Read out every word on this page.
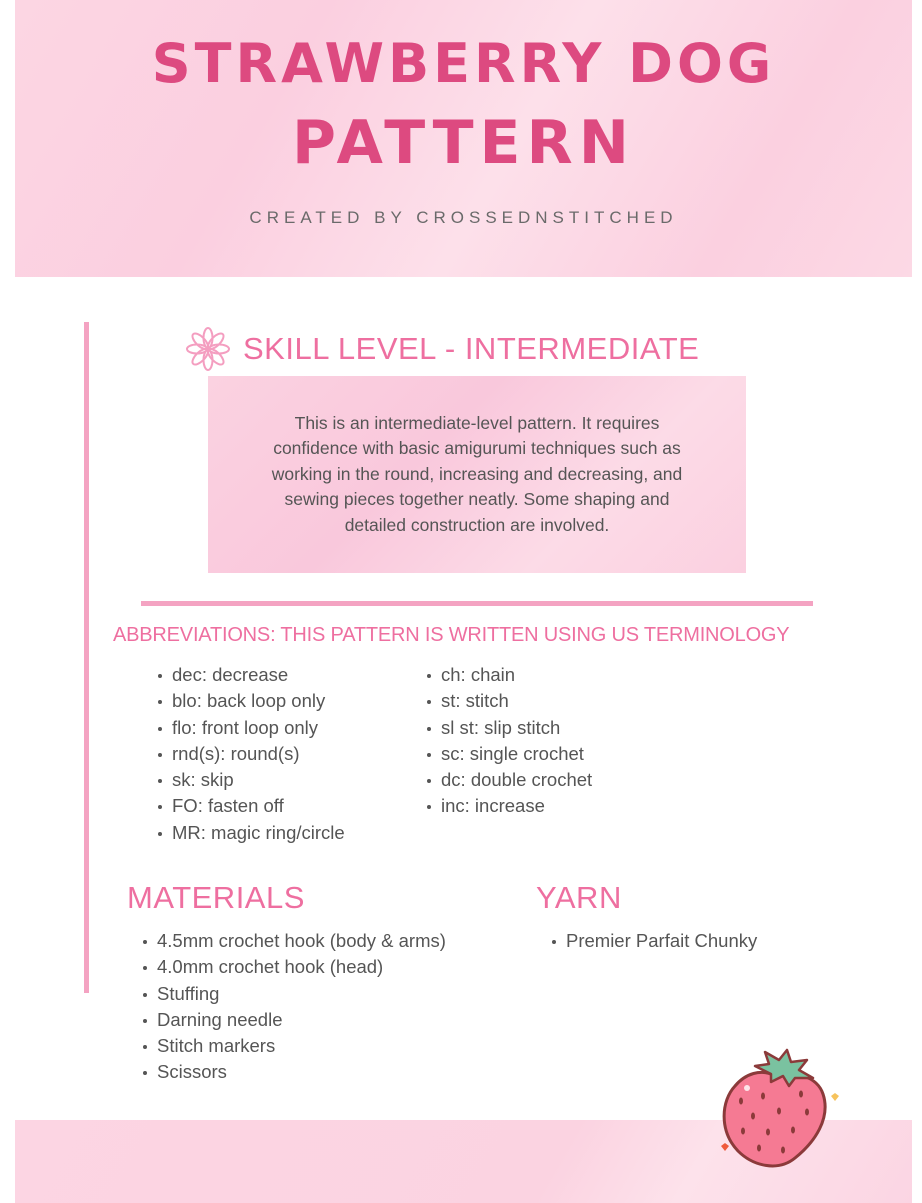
STRAWBERRY DOG
PATTERN
CREATED BY CROSSEDNSTITCHED
SKILL LEVEL - INTERMEDIATE

This is an intermediate-level pattern. It requires confidence with basic amigurumi techniques such as working in the round, increasing and decreasing, and sewing pieces together neatly. Some shaping and detailed construction are involved.

ABBREVIATIONS: THIS PATTERN IS WRITTEN USING US TERMINOLOGY
dec: decrease
blo: back loop only
flo: front loop only
rnd(s): round(s)
sk: skip
FO: fasten off
MR: magic ring/circle
ch: chain
st: stitch
sl st: slip stitch
sc: single crochet
dc: double crochet
inc: increase
MATERIALS	YARN
4.5mm crochet hook (body & arms)
4.0mm crochet hook (head)
Stuffing
Darning needle
Stitch markers
Scissors
Premier Parfait Chunky
